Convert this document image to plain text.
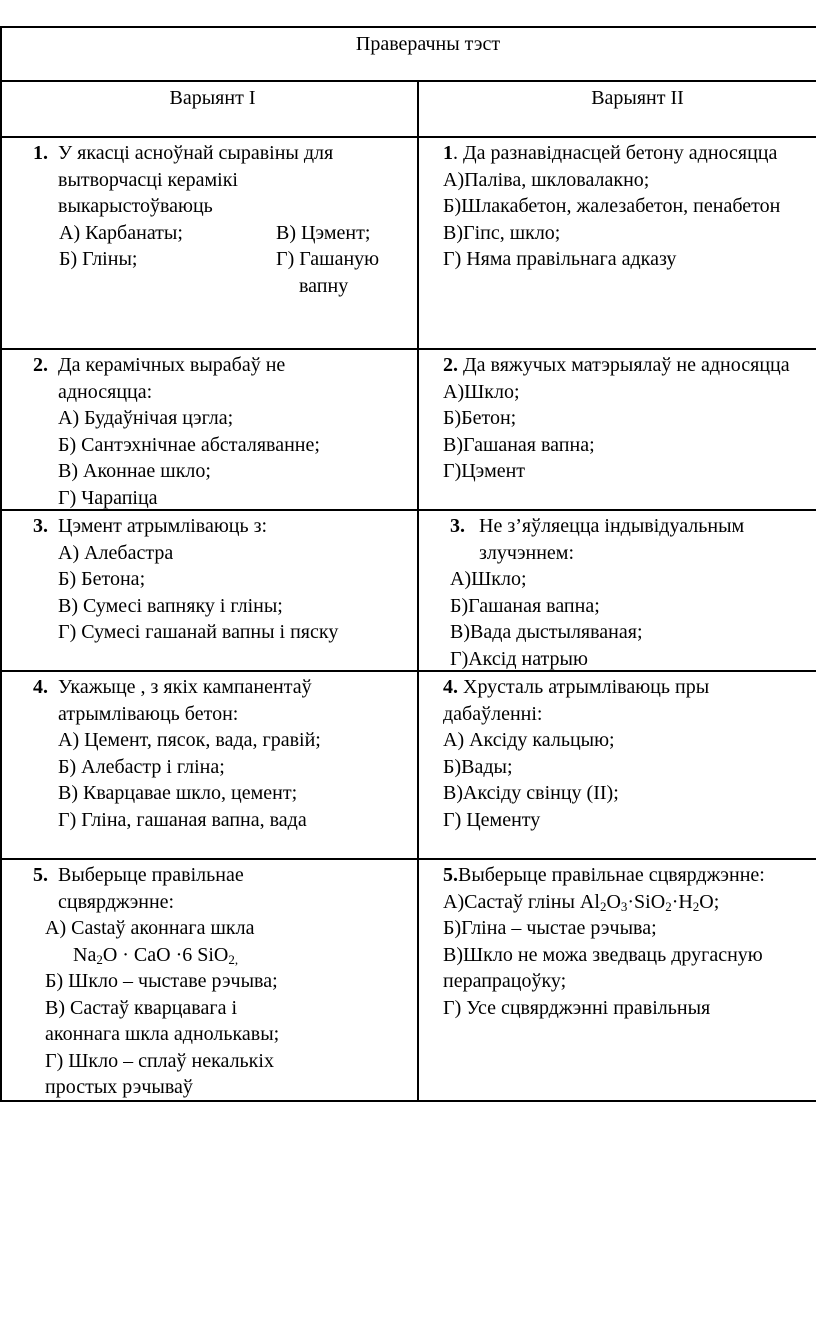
Праверачны тэст
Варыянт I	Варыянт II
1. У якасці асноўнай сыравіны для
вытворчасці керамікі
выкарыстоўваюць
А) Карбанаты;
Б) Гліны;
В) Цэмент;
Г) Гашаную
вапну
1. Да разнавіднасцей бетону адносяцца
А)Паліва, шкловалакно;
Б)Шлакабетон, жалезабетон, пенабетон
В)Гіпс, шкло;
Г) Няма правільнага адказу
2. Да керамічных вырабаў не
адносяцца:
А) Будаўнічая цэгла;
Б) Сантэхнічнае абсталяванне;
В) Аконнае шкло;
Г) Чарапіца
2. Да вяжучых матэрыялаў не адносяцца
А)Шкло;
Б)Бетон;
В)Гашаная вапна;
Г)Цэмент
3. Цэмент атрымліваюць з:
А) Алебастра
Б) Бетона;
В) Сумесі вапняку і гліны;
Г) Сумесі гашанай вапны і пяску
3. Не з’яўляецца індывідуальным
злучэннем:
А)Шкло;
Б)Гашаная вапна;
В)Вада дыстыляваная;
Г)Аксід натрыю
4. Укажыце , з якіх кампанентаў
атрымліваюць бетон:
А) Цемент, пясок, вада, гравій;
Б) Алебастр і гліна;
В) Кварцавае шкло, цемент;
Г) Гліна, гашаная вапна, вада
4. Хрусталь атрымліваюць пры
дабаўленні:
А) Аксіду кальцыю;
Б)Вады;
В)Аксіду свінцу (II);
Г) Цементу
5. Выберыце правільнае
сцвярджэнне:
А) Сastaў аконнага шкла
$Na_2O$ · CaO ·6 SiO$_{2,}$
Б) Шкло – чыставе рэчыва;
В) Састаў кварцавага і
аконнага шкла аднолькавы;
Г) Шкло – сплаў некалькіх
простых рэчываў
5.Выберыце правільнае сцвярджэнне:
А)Састаў гліны $Al_2O_3\cdot SiO_2\cdot H_2O$;
Б)Гліна – чыстае рэчыва;
В)Шкло не можа зведваць другасную
перапрацоўку;
Г) Усе сцвярджэнні правільныя
